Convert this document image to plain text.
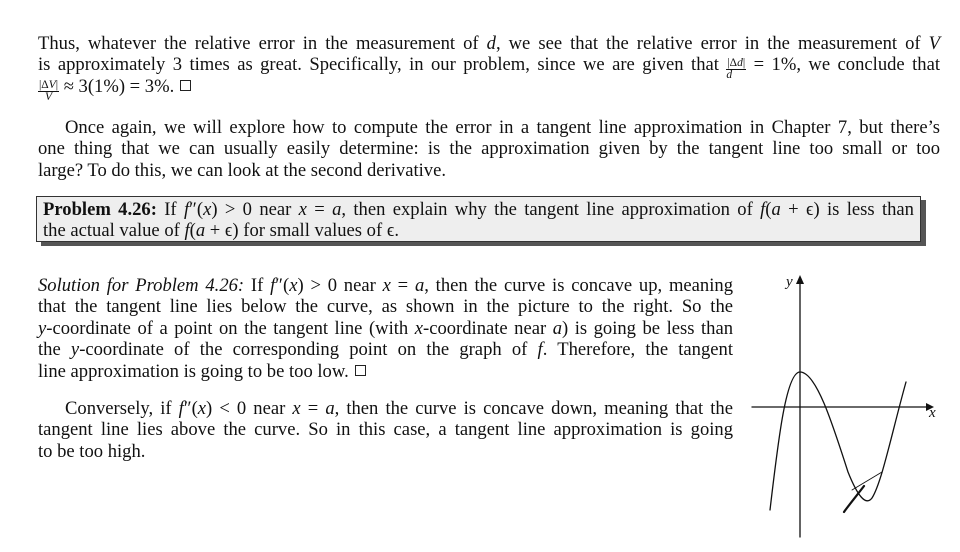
Thus, whatever the relative error in the measurement of d, we see that the relative error in the measurement of V
is approximately 3 times as great. Specifically, in our problem, since we are given that $\frac{|\Delta d|}{d} = 1\%$, we conclude that
$\frac{|\Delta V|}{V} \approx 3(1\%) = 3\%$.
Once again, we will explore how to compute the error in a tangent line approximation in Chapter 7, but there’s
one thing that we can usually easily determine: is the approximation given by the tangent line too small or too
large? To do this, we can look at the second derivative.
Problem 4.26: If f″(x) > 0 near x = a, then explain why the tangent line approximation of f(a + ϵ) is less than
the actual value of f(a + ϵ) for small values of ϵ.
Solution for Problem 4.26: If f″(x) > 0 near x = a, then the curve is concave up, meaning
that the tangent line lies below the curve, as shown in the picture to the right. So the
y-coordinate of a point on the tangent line (with x-coordinate near a) is going be less than
the y-coordinate of the corresponding point on the graph of f. Therefore, the tangent
line approximation is going to be too low.
Conversely, if f″(x) < 0 near x = a, then the curve is concave down, meaning that the
tangent line lies above the curve. So in this case, a tangent line approximation is going
to be too high.
y
x
